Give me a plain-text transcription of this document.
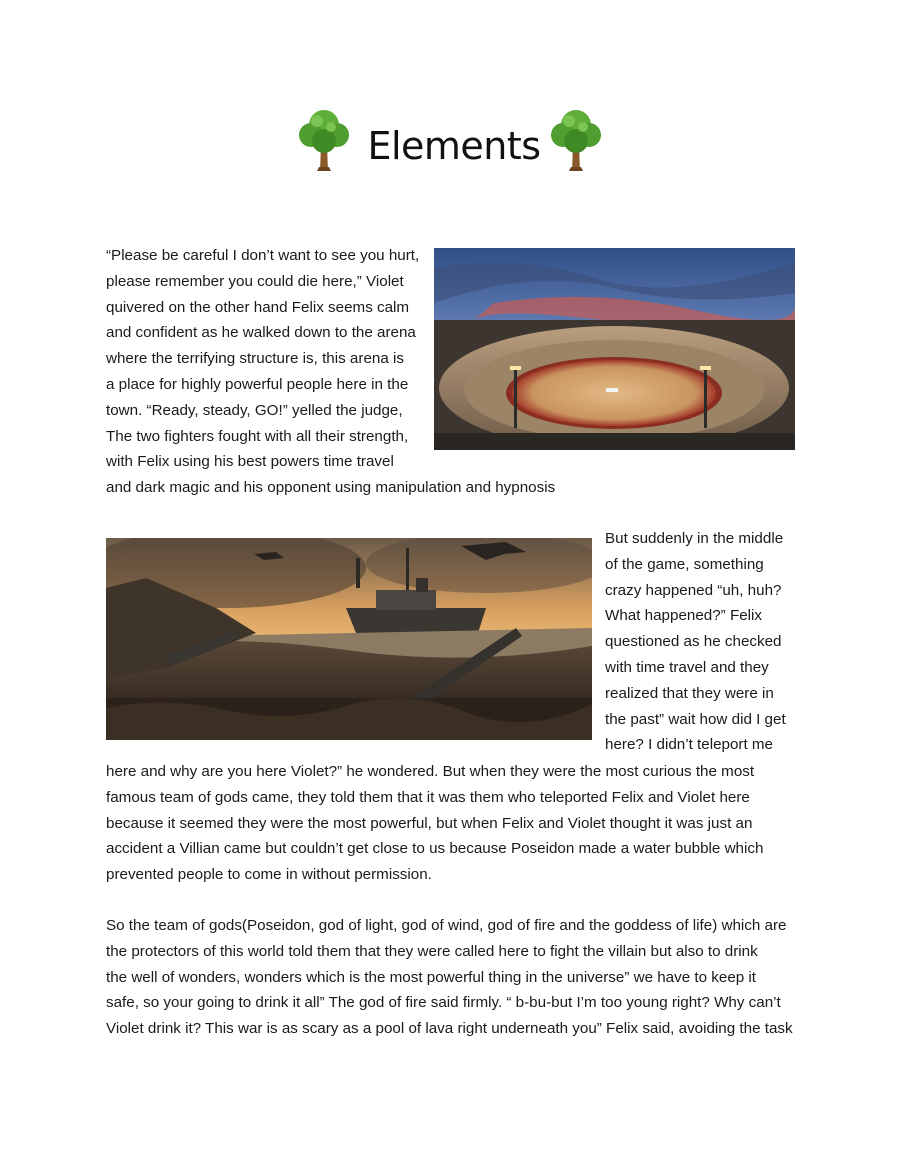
Elements
“Please be careful I don’t want to see you hurt,
please remember you could die here,” Violet
quivered on the other hand Felix seems calm
and confident as he walked down to the arena
where the terrifying structure is, this arena is
a place for highly powerful people here in the
town. “Ready, steady, GO!” yelled the judge,
The two fighters fought with all their strength,
with Felix using his best powers time travel
and dark magic and his opponent using manipulation and hypnosis
But suddenly in the middle
of the game, something
crazy happened “uh, huh?
What happened?” Felix
questioned as he checked
with time travel and they
realized that they were in
the past” wait how did I get
here? I didn’t teleport me
here and why are you here Violet?” he wondered. But when they were the most curious the most
famous team of gods came, they told them that it was them who teleported Felix and Violet here
because it seemed they were the most powerful, but when Felix and Violet thought it was just an
accident a Villian came but couldn’t get close to us because Poseidon made a water bubble which
prevented people to come in without permission.
So the team of gods(Poseidon, god of light, god of wind, god of fire and the goddess of life) which are
the protectors of this world told them that they were called here to fight the villain but also to drink
the well of wonders, wonders which is the most powerful thing in the universe” we have to keep it
safe, so your going to drink it all” The god of fire said firmly. “ b-bu-but I’m too young right? Why can’t
Violet drink it? This war is as scary as a pool of lava right underneath you” Felix said, avoiding the task
